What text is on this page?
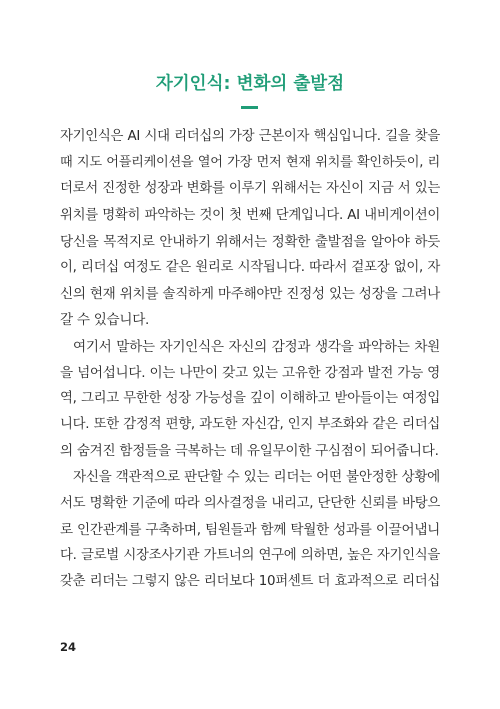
자기인식: 변화의 출발점
자기인식은 AI 시대 리더십의 가장 근본이자 핵심입니다. 길을 찾을
때 지도 어플리케이션을 열어 가장 먼저 현재 위치를 확인하듯이, 리
더로서 진정한 성장과 변화를 이루기 위해서는 자신이 지금 서 있는
위치를 명확히 파악하는 것이 첫 번째 단계입니다. AI 내비게이션이
당신을 목적지로 안내하기 위해서는 정확한 출발점을 알아야 하듯
이, 리더십 여정도 같은 원리로 시작됩니다. 따라서 겉포장 없이, 자
신의 현재 위치를 솔직하게 마주해야만 진정성 있는 성장을 그려나
갈 수 있습니다.
여기서 말하는 자기인식은 자신의 감정과 생각을 파악하는 차원
을 넘어섭니다. 이는 나만이 갖고 있는 고유한 강점과 발전 가능 영
역, 그리고 무한한 성장 가능성을 깊이 이해하고 받아들이는 여정입
니다. 또한 감정적 편향, 과도한 자신감, 인지 부조화와 같은 리더십
의 숨겨진 함정들을 극복하는 데 유일무이한 구심점이 되어줍니다.
자신을 객관적으로 판단할 수 있는 리더는 어떤 불안정한 상황에
서도 명확한 기준에 따라 의사결정을 내리고, 단단한 신뢰를 바탕으
로 인간관계를 구축하며, 팀원들과 함께 탁월한 성과를 이끌어냅니
다. 글로벌 시장조사기관 가트너의 연구에 의하면, 높은 자기인식을
갖춘 리더는 그렇지 않은 리더보다 10퍼센트 더 효과적으로 리더십
24
